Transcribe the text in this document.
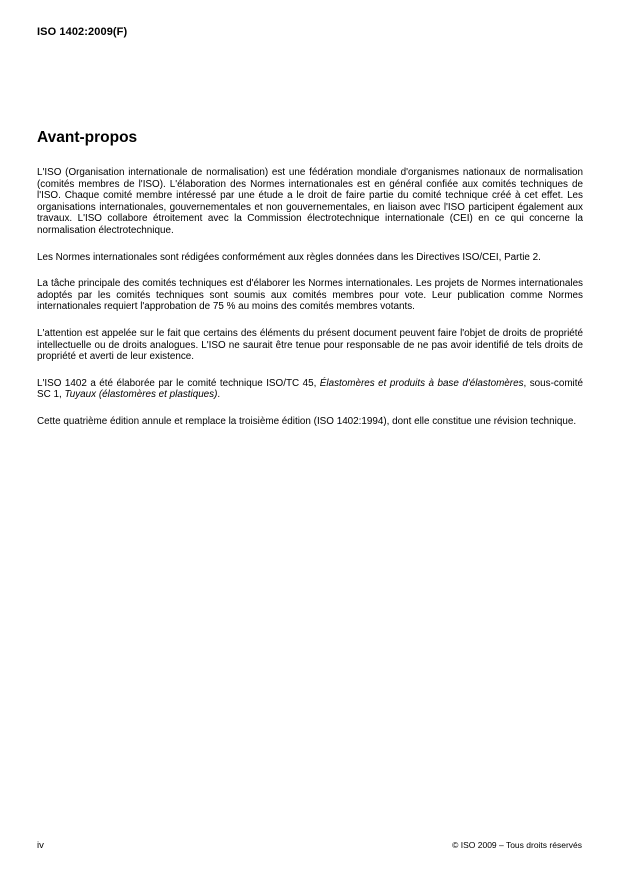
ISO 1402:2009(F)
Avant-propos

L'ISO (Organisation internationale de normalisation) est une fédération mondiale d'organismes nationaux de normalisation (comités membres de l'ISO). L'élaboration des Normes internationales est en général confiée aux comités techniques de l'ISO. Chaque comité membre intéressé par une étude a le droit de faire partie du comité technique créé à cet effet. Les organisations internationales, gouvernementales et non gouvernementales, en liaison avec l'ISO participent également aux travaux. L'ISO collabore étroitement avec la Commission électrotechnique internationale (CEI) en ce qui concerne la normalisation électrotechnique.

Les Normes internationales sont rédigées conformément aux règles données dans les Directives ISO/CEI, Partie 2.

La tâche principale des comités techniques est d'élaborer les Normes internationales. Les projets de Normes internationales adoptés par les comités techniques sont soumis aux comités membres pour vote. Leur publication comme Normes internationales requiert l'approbation de 75 % au moins des comités membres votants.

L'attention est appelée sur le fait que certains des éléments du présent document peuvent faire l'objet de droits de propriété intellectuelle ou de droits analogues. L'ISO ne saurait être tenue pour responsable de ne pas avoir identifié de tels droits de propriété et averti de leur existence.

L'ISO 1402 a été élaborée par le comité technique ISO/TC 45, Élastomères et produits à base d'élastomères, sous-comité SC 1, Tuyaux (élastomères et plastiques).

Cette quatrième édition annule et remplace la troisième édition (ISO 1402:1994), dont elle constitue une révision technique.

iv	© ISO 2009 – Tous droits réservés
